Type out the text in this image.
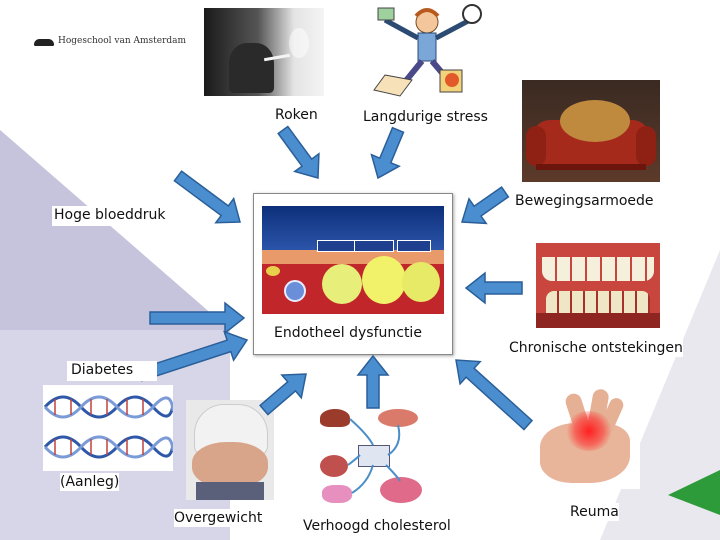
Hogeschool van Amsterdam
Endotheel dysfunctie
Roken	Langdurige stress
Bewegingsarmoede
Hoge bloeddruk
Chronische ontstekingen
Diabetes
(Aanleg)
Overgewicht	Verhoogd cholesterol
Reuma
